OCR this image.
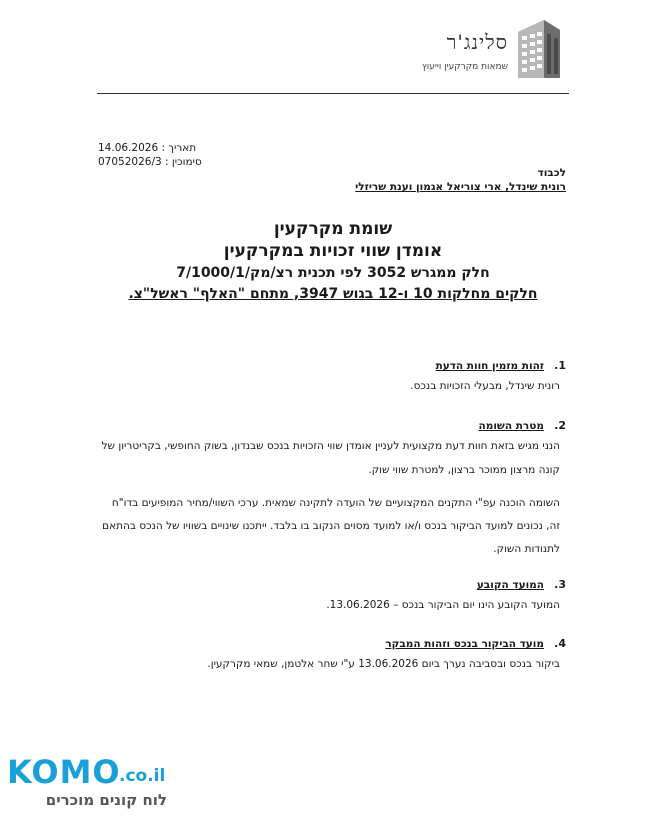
סלינג'ר
שמאות מקרקעין וייעוץ
תאריך : 14.06.2026
סימוכין : 07052026/3
לכבוד
רונית שינדל, ארי צוריאל אגמון וענת שריזלי
שומת מקרקעין
אומדן שווי זכויות במקרקעין
חלק ממגרש 3052 לפי תכנית רצ/מק/7/1000/1
חלקים מחלקות 10 ו-12 בגוש 3947, מתחם "האלף" ראשל"צ.
1.
זהות מזמין חוות הדעת
רונית שינדל, מבעלי הזכויות בנכס.
2.
מטרת השומה
הנני מגיש בזאת חוות דעת מקצועית לעניין אומדן שווי הזכויות בנכס שבנדון, בשוק החופשי, בקריטריון של קונה מרצון ממוכר ברצון, למטרת שווי שוק.
השומה הוכנה עפ"י התקנים המקצועיים של הועדה לתקינה שמאית. ערכי השווי/מחיר המופיעים בדו"ח זה, נכונים למועד הביקור בנכס ו/או למועד מסוים הנקוב בו בלבד. ייתכנו שינויים בשוויו של הנכס בהתאם לתנודות השוק.
3.
המועד הקובע
המועד הקובע הינו יום הביקור בנכס – 13.06.2026.
4.
מועד הביקור בנכס וזהות המבקר
ביקור בנכס ובסביבה נערך ביום 13.06.2026 ע"י שחר אלטמן, שמאי מקרקעין.
KOMO
.co.il
לוח קונים מוכרים
